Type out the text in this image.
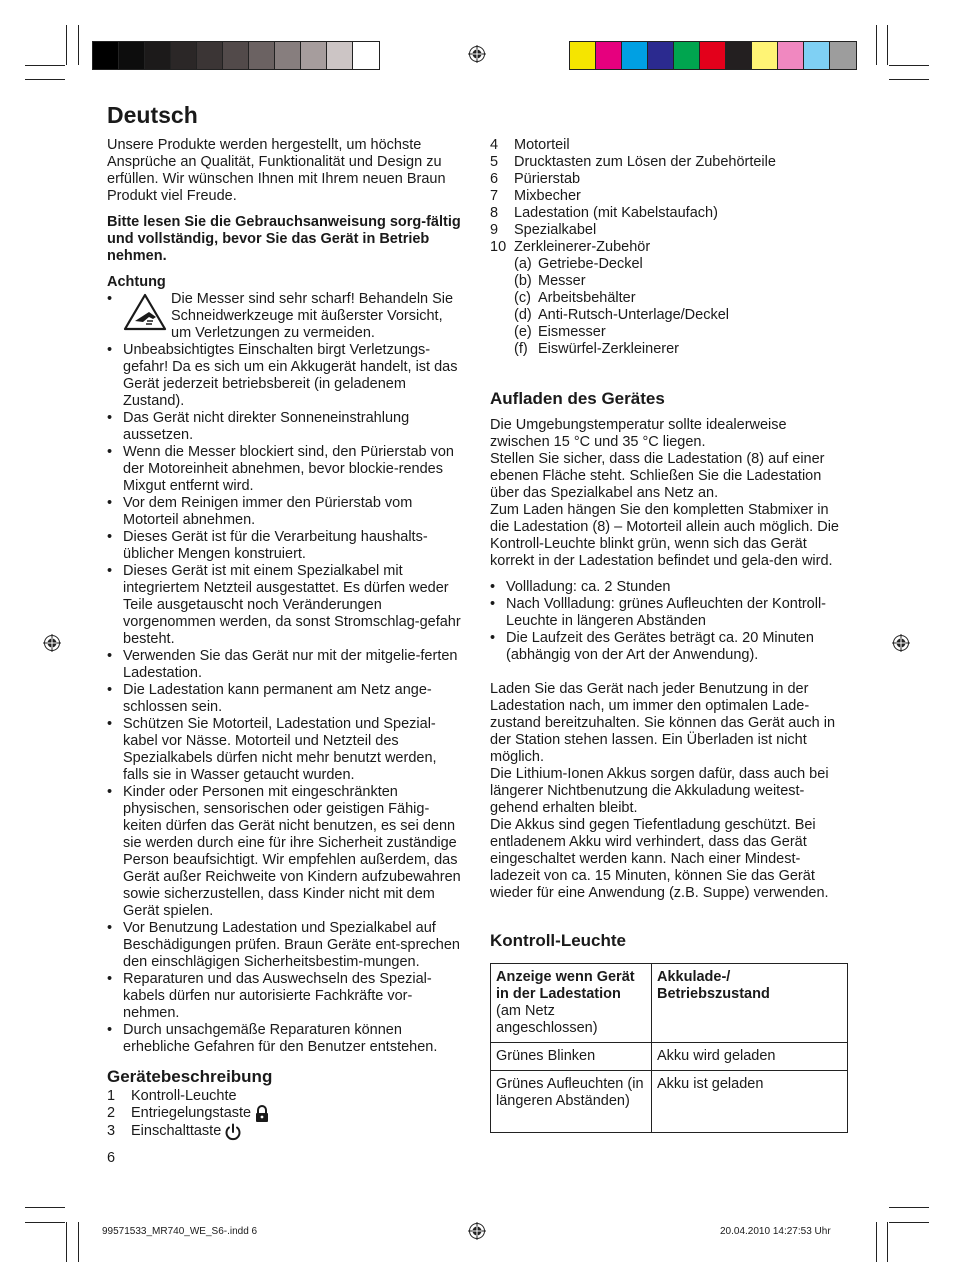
Deutsch

Unsere Produkte werden hergestellt, um höchste Ansprüche an Qualität, Funktionalität und Design zu erfüllen. Wir wünschen Ihnen mit Ihrem neuen Braun Produkt viel Freude.

Bitte lesen Sie die Gebrauchsanweisung sorg-fältig und vollständig, bevor Sie das Gerät in Betrieb nehmen.

Achtung

• Die Messer sind sehr scharf! Behandeln Sie Schneidwerkzeuge mit äußerster Vorsicht, um Verletzungen zu vermeiden.
• Unbeabsichtigtes Einschalten birgt Verletzungs-gefahr! Da es sich um ein Akkugerät handelt, ist das Gerät jederzeit betriebsbereit (in geladenem Zustand).
• Das Gerät nicht direkter Sonneneinstrahlung aussetzen.
• Wenn die Messer blockiert sind, den Pürierstab von der Motoreinheit abnehmen, bevor blockie-rendes Mixgut entfernt wird.
• Vor dem Reinigen immer den Pürierstab vom Motorteil abnehmen.
• Dieses Gerät ist für die Verarbeitung haushalts-üblicher Mengen konstruiert.
• Dieses Gerät ist mit einem Spezialkabel mit integriertem Netzteil ausgestattet. Es dürfen weder Teile ausgetauscht noch Veränderungen vorgenommen werden, da sonst Stromschlag-gefahr besteht.
• Verwenden Sie das Gerät nur mit der mitgelie-ferten Ladestation.
• Die Ladestation kann permanent am Netz ange-schlossen sein.
• Schützen Sie Motorteil, Ladestation und Spezial-kabel vor Nässe. Motorteil und Netzteil des Spezialkabels dürfen nicht mehr benutzt werden, falls sie in Wasser getaucht wurden.
• Kinder oder Personen mit eingeschränkten physischen, sensorischen oder geistigen Fähig-keiten dürfen das Gerät nicht benutzen, es sei denn sie werden durch eine für ihre Sicherheit zuständige Person beaufsichtigt. Wir empfehlen außerdem, das Gerät außer Reichweite von Kindern aufzubewahren sowie sicherzustellen, dass Kinder nicht mit dem Gerät spielen.
• Vor Benutzung Ladestation und Spezialkabel auf Beschädigungen prüfen. Braun Geräte ent-sprechen den einschlägigen Sicherheitsbestim-mungen.
• Reparaturen und das Auswechseln des Spezial-kabels dürfen nur autorisierte Fachkräfte vor-nehmen.
• Durch unsachgemäße Reparaturen können erhebliche Gefahren für den Benutzer entstehen.
Gerätebeschreibung
1	Kontroll-Leuchte
2	Entriegelungstaste
3	Einschalttaste

6

4	Motorteil
5	Drucktasten zum Lösen der Zubehörteile
6	Pürierstab
7	Mixbecher
8	Ladestation (mit Kabelstaufach)
9	Spezialkabel
10 Zerkleinerer-Zubehör
(a) Getriebe-Deckel
(b) Messer
(c) Arbeitsbehälter
(d) Anti-Rutsch-Unterlage/Deckel
(e) Eismesser
(f) Eiswürfel-Zerkleinerer
Aufladen des Gerätes

Die Umgebungstemperatur sollte idealerweise zwischen 15 °C und 35 °C liegen.
Stellen Sie sicher, dass die Ladestation (8) auf einer ebenen Fläche steht. Schließen Sie die Ladestation über das Spezialkabel ans Netz an.
Zum Laden hängen Sie den kompletten Stabmixer in die Ladestation (8) – Motorteil allein auch möglich. Die Kontroll-Leuchte blinkt grün, wenn sich das Gerät korrekt in der Ladestation befindet und gela-den wird.

• Vollladung: ca. 2 Stunden
• Nach Vollladung: grünes Aufleuchten der Kontroll-Leuchte in längeren Abständen
• Die Laufzeit des Gerätes beträgt ca. 20 Minuten (abhängig von der Art der Anwendung).

Laden Sie das Gerät nach jeder Benutzung in der Ladestation nach, um immer den optimalen Lade-zustand bereitzuhalten. Sie können das Gerät auch in der Station stehen lassen. Ein Überladen ist nicht möglich.
Die Lithium-Ionen Akkus sorgen dafür, dass auch bei längerer Nichtbenutzung die Akkuladung weitest-gehend erhalten bleibt.
Die Akkus sind gegen Tiefentladung geschützt. Bei entladenem Akku wird verhindert, dass das Gerät eingeschaltet werden kann. Nach einer Mindest-ladezeit von ca. 15 Minuten, können Sie das Gerät wieder für eine Anwendung (z.B. Suppe) verwenden.

Kontroll-Leuchte
Anzeige wenn Gerät in der Ladestation
(am Netz angeschlossen)	Akkulade-/ Betriebszustand
Grünes Blinken	Akku wird geladen
Grünes Aufleuchten (in längeren Abständen)	Akku ist geladen
99571533_MR740_WE_S6-.indd 6	20.04.2010 14:27:53 Uhr
